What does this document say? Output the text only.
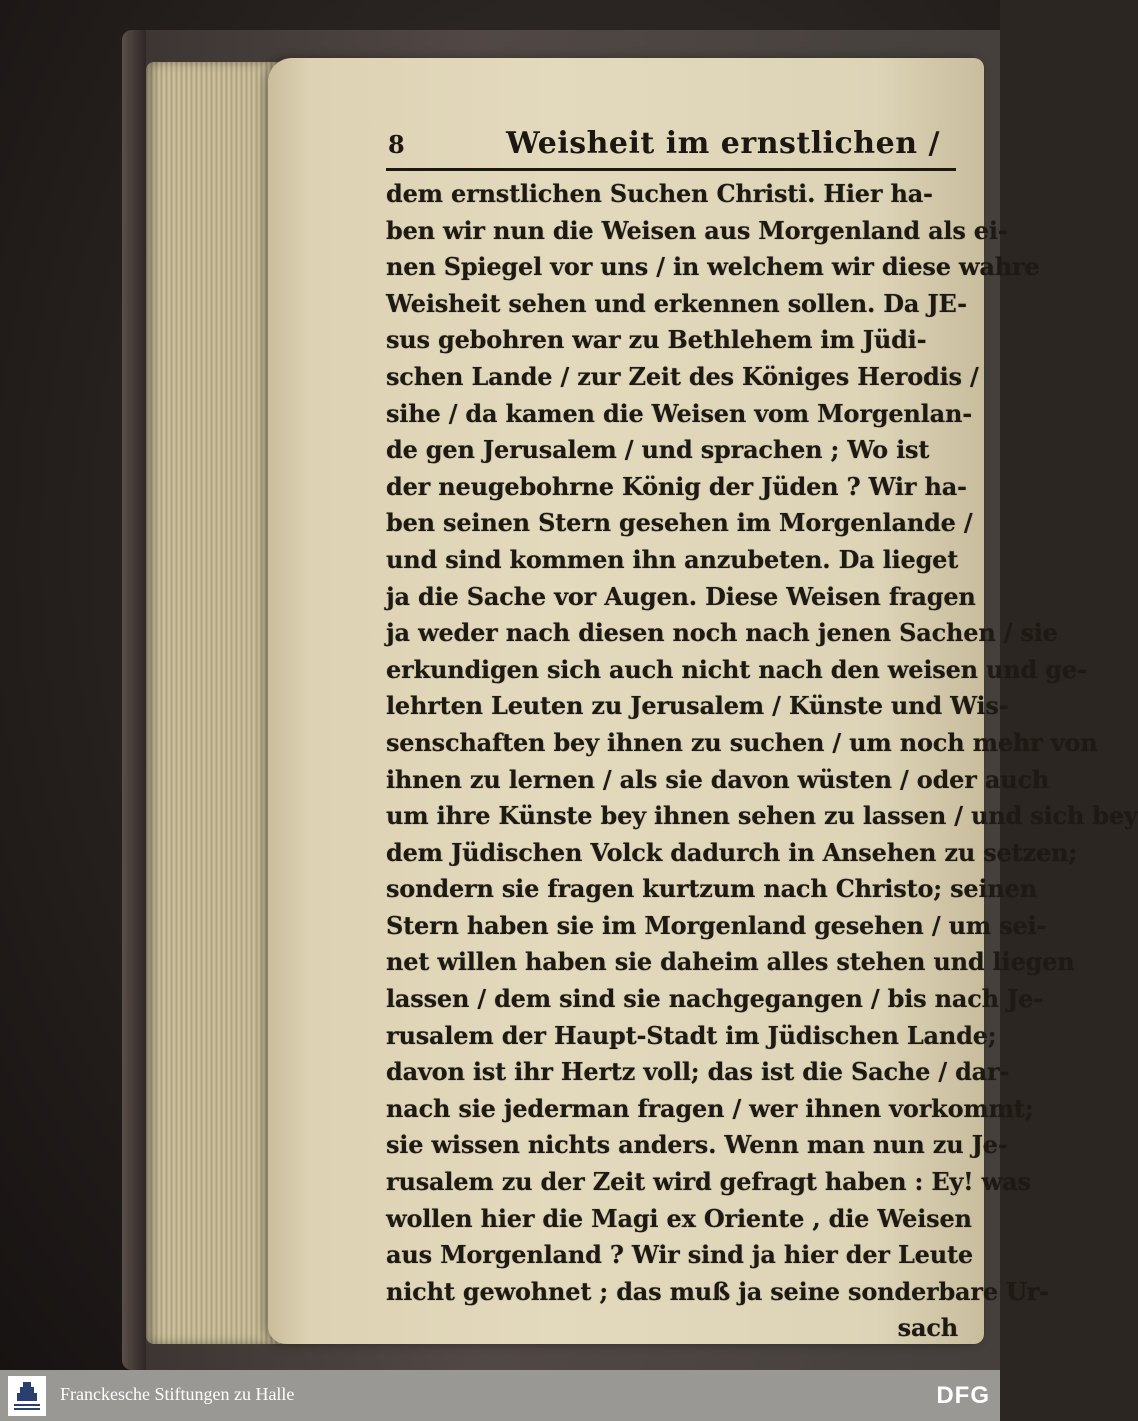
8	Weisheit im ernstlichen /
dem ernstlichen Suchen Christi. Hier ha-
ben wir nun die Weisen aus Morgenland als ei-
nen Spiegel vor uns / in welchem wir diese wahre
Weisheit sehen und erkennen sollen. Da JE-
sus gebohren war zu Bethlehem im Jüdi-
schen Lande / zur Zeit des Königes Herodis /
sihe / da kamen die Weisen vom Morgenlan-
de gen Jerusalem / und sprachen ; Wo ist
der neugebohrne König der Jüden ? Wir ha-
ben seinen Stern gesehen im Morgenlande /
und sind kommen ihn anzubeten. Da lieget
ja die Sache vor Augen. Diese Weisen fragen
ja weder nach diesen noch nach jenen Sachen / sie
erkundigen sich auch nicht nach den weisen und ge-
lehrten Leuten zu Jerusalem / Künste und Wis-
senschaften bey ihnen zu suchen / um noch mehr von
ihnen zu lernen / als sie davon wüsten / oder auch
um ihre Künste bey ihnen sehen zu lassen / und sich bey
dem Jüdischen Volck dadurch in Ansehen zu setzen;
sondern sie fragen kurtzum nach Christo; seinen
Stern haben sie im Morgenland gesehen / um sei-
net willen haben sie daheim alles stehen und liegen
lassen / dem sind sie nachgegangen / bis nach Je-
rusalem der Haupt-Stadt im Jüdischen Lande;
davon ist ihr Hertz voll; das ist die Sache / dar-
nach sie jederman fragen / wer ihnen vorkommt;
sie wissen nichts anders. Wenn man nun zu Je-
rusalem zu der Zeit wird gefragt haben : Ey! was
wollen hier die Magi ex Oriente , die Weisen
aus Morgenland ? Wir sind ja hier der Leute
nicht gewohnet ; das muß ja seine sonderbare Ur-
sach
Franckesche Stiftungen zu Halle	DFG
